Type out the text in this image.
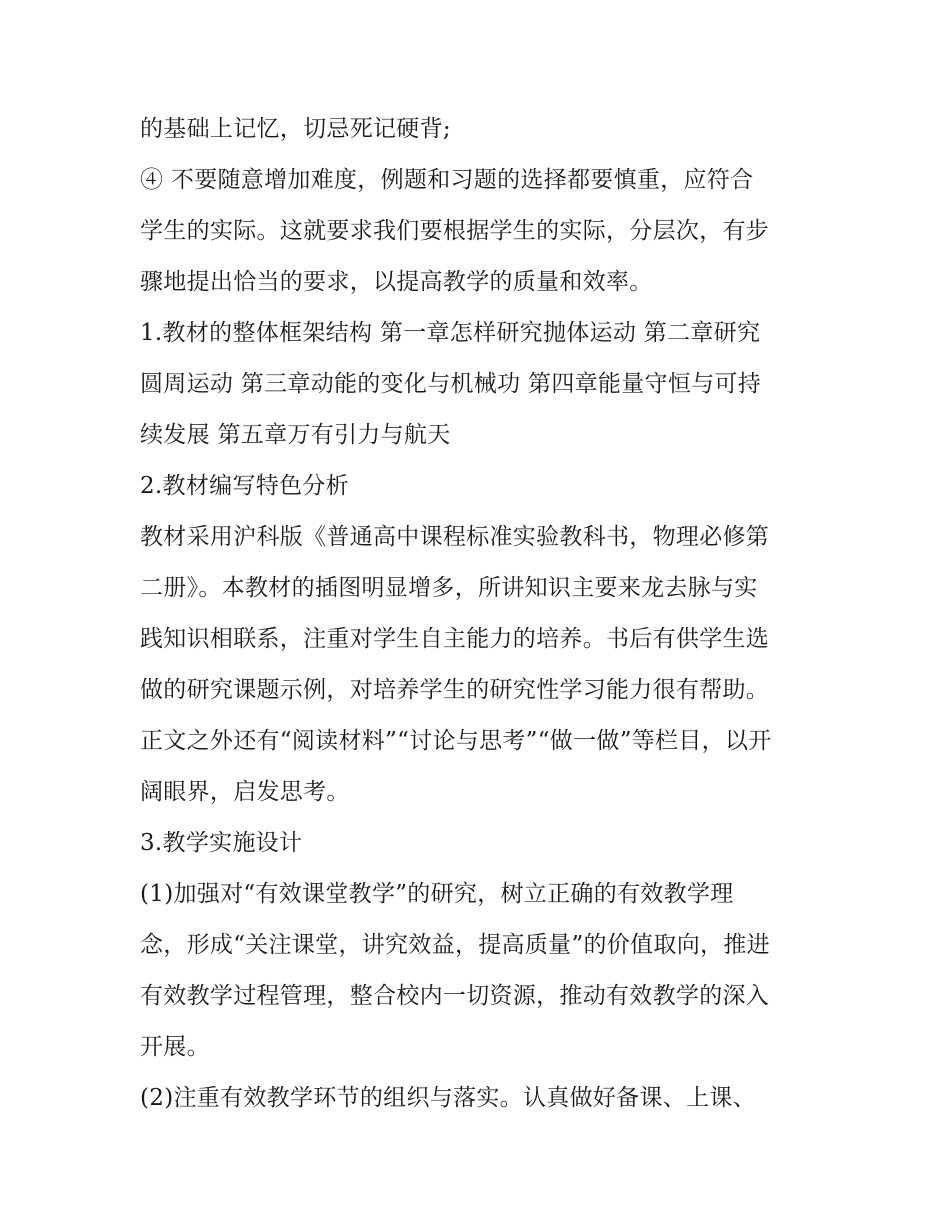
的基础上记忆，切忌死记硬背;
④ 不要随意增加难度，例题和习题的选择都要慎重，应符合
学生的实际。这就要求我们要根据学生的实际，分层次，有步
骤地提出恰当的要求，以提高教学的质量和效率。
1.教材的整体框架结构 第一章怎样研究抛体运动 第二章研究
圆周运动 第三章动能的变化与机械功 第四章能量守恒与可持
续发展 第五章万有引力与航天
2.教材编写特色分析
教材采用沪科版《普通高中课程标准实验教科书，物理必修第
二册》。本教材的插图明显增多，所讲知识主要来龙去脉与实
践知识相联系，注重对学生自主能力的培养。书后有供学生选
做的研究课题示例，对培养学生的研究性学习能力很有帮助。
正文之外还有“阅读材料”“讨论与思考”“做一做”等栏目，以开
阔眼界，启发思考。
3.教学实施设计
(1)加强对“有效课堂教学”的研究，树立正确的有效教学理
念，形成“关注课堂，讲究效益，提高质量”的价值取向，推进
有效教学过程管理，整合校内一切资源，推动有效教学的深入
开展。
(2)注重有效教学环节的组织与落实。认真做好备课、上课、
